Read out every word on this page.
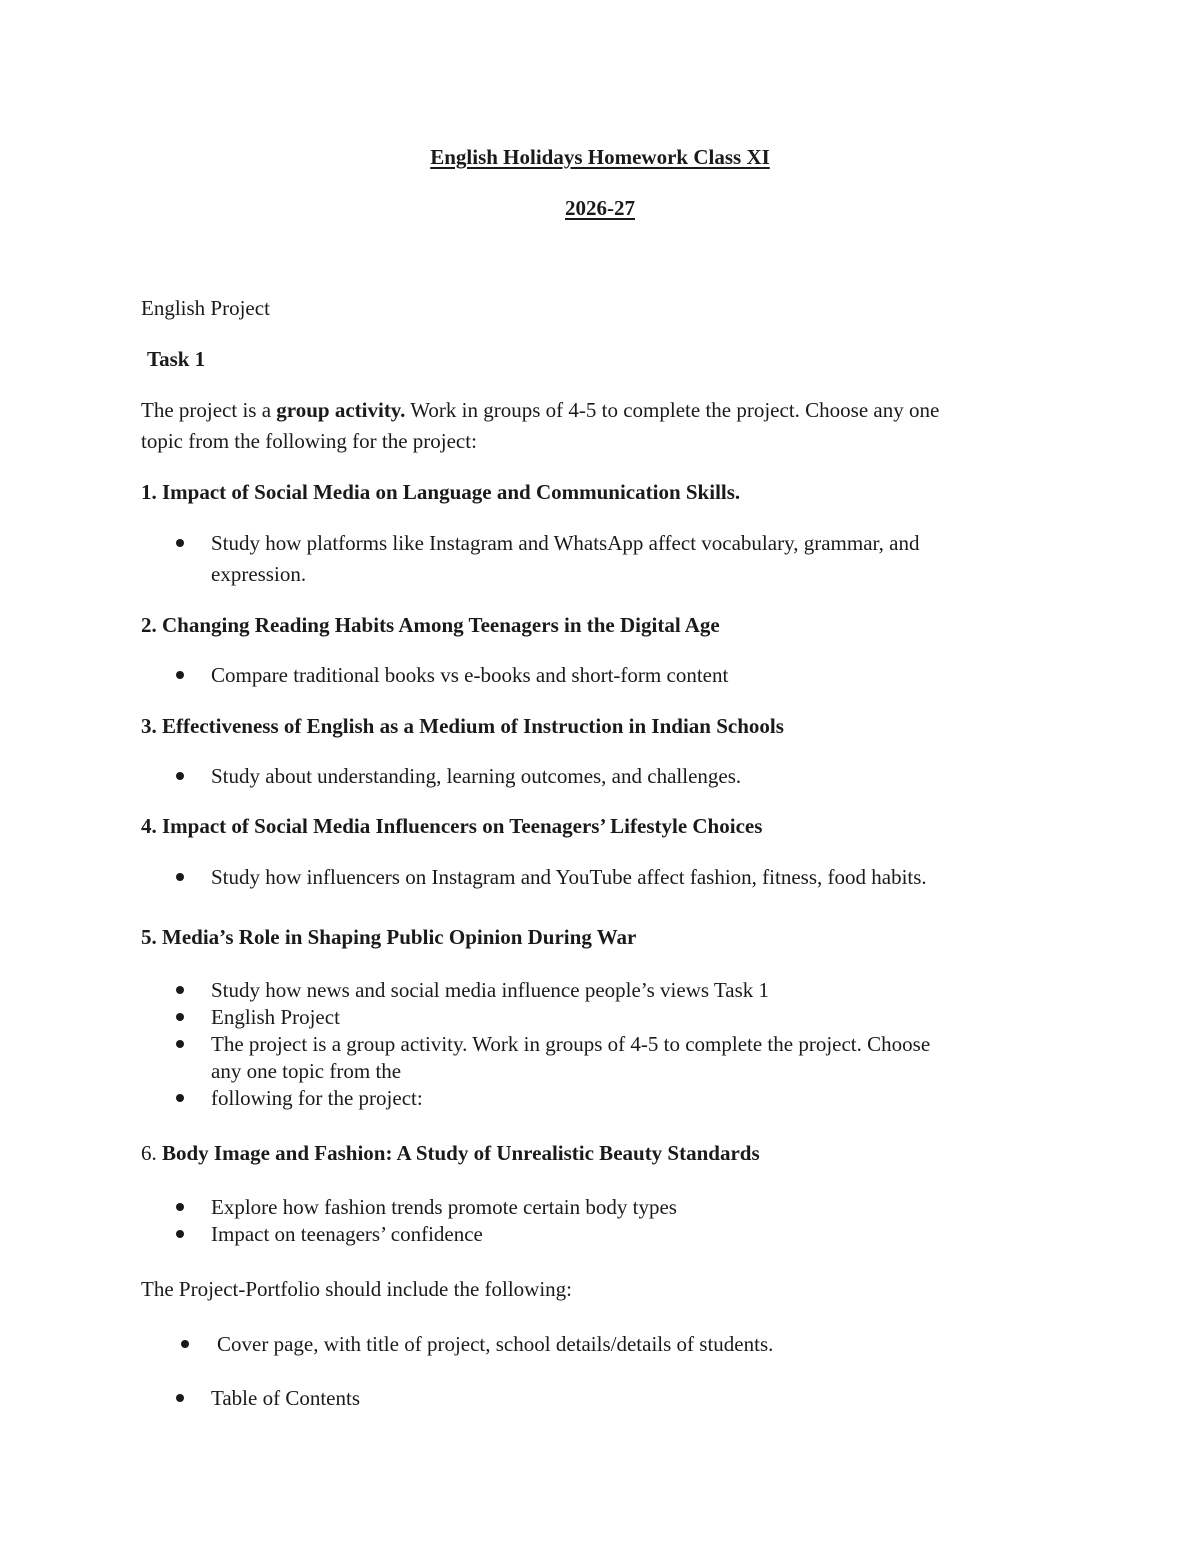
English Holidays Homework Class XI
2026-27
English Project
Task 1
The project is a group activity. Work in groups of 4-5 to complete the project. Choose any one
topic from the following for the project:
1. Impact of Social Media on Language and Communication Skills.
Study how platforms like Instagram and WhatsApp affect vocabulary, grammar, and
expression.
2. Changing Reading Habits Among Teenagers in the Digital Age
Compare traditional books vs e-books and short-form content
3. Effectiveness of English as a Medium of Instruction in Indian Schools
Study about understanding, learning outcomes, and challenges.
4. Impact of Social Media Influencers on Teenagers’ Lifestyle Choices
Study how influencers on Instagram and YouTube affect fashion, fitness, food habits.
5. Media’s Role in Shaping Public Opinion During War
Study how news and social media influence people’s views Task 1
English Project
The project is a group activity. Work in groups of 4-5 to complete the project. Choose
any one topic from the
following for the project:
6. Body Image and Fashion: A Study of Unrealistic Beauty Standards
Explore how fashion trends promote certain body types
Impact on teenagers’ confidence
The Project-Portfolio should include the following:
Cover page, with title of project, school details/details of students.
Table of Contents
